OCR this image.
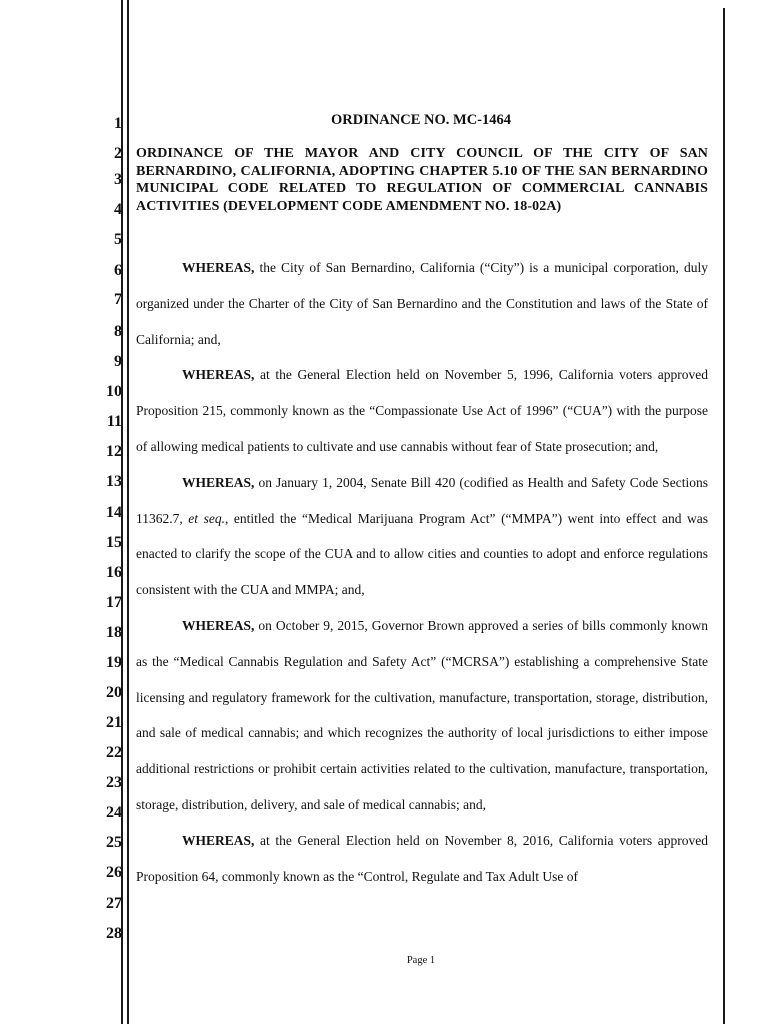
1
2
3
4
5
6
7
8
9
10
11
12
13
14
15
16
17
18
19
20
21
22
23
24
25
26
27
28
ORDINANCE NO. MC-1464
ORDINANCE OF THE MAYOR AND CITY COUNCIL OF THE CITY OF SAN BERNARDINO, CALIFORNIA, ADOPTING CHAPTER 5.10 OF THE SAN BERNARDINO MUNICIPAL CODE RELATED TO REGULATION OF COMMERCIAL CANNABIS ACTIVITIES (DEVELOPMENT CODE AMENDMENT NO. 18-02A)

WHEREAS, the City of San Bernardino, California (“City”) is a municipal corporation, duly organized under the Charter of the City of San Bernardino and the Constitution and laws of the State of California; and,

WHEREAS, at the General Election held on November 5, 1996, California voters approved Proposition 215, commonly known as the “Compassionate Use Act of 1996” (“CUA”) with the purpose of allowing medical patients to cultivate and use cannabis without fear of State prosecution; and,

WHEREAS, on January 1, 2004, Senate Bill 420 (codified as Health and Safety Code Sections 11362.7, et seq., entitled the “Medical Marijuana Program Act” (“MMPA”) went into effect and was enacted to clarify the scope of the CUA and to allow cities and counties to adopt and enforce regulations consistent with the CUA and MMPA; and,

WHEREAS, on October 9, 2015, Governor Brown approved a series of bills commonly known as the “Medical Cannabis Regulation and Safety Act” (“MCRSA”) establishing a comprehensive State licensing and regulatory framework for the cultivation, manufacture, transportation, storage, distribution, and sale of medical cannabis; and which recognizes the authority of local jurisdictions to either impose additional restrictions or prohibit certain activities related to the cultivation, manufacture, transportation, storage, distribution, delivery, and sale of medical cannabis; and,

WHEREAS, at the General Election held on November 8, 2016, California voters approved Proposition 64, commonly known as the “Control, Regulate and Tax Adult Use of

Page 1
